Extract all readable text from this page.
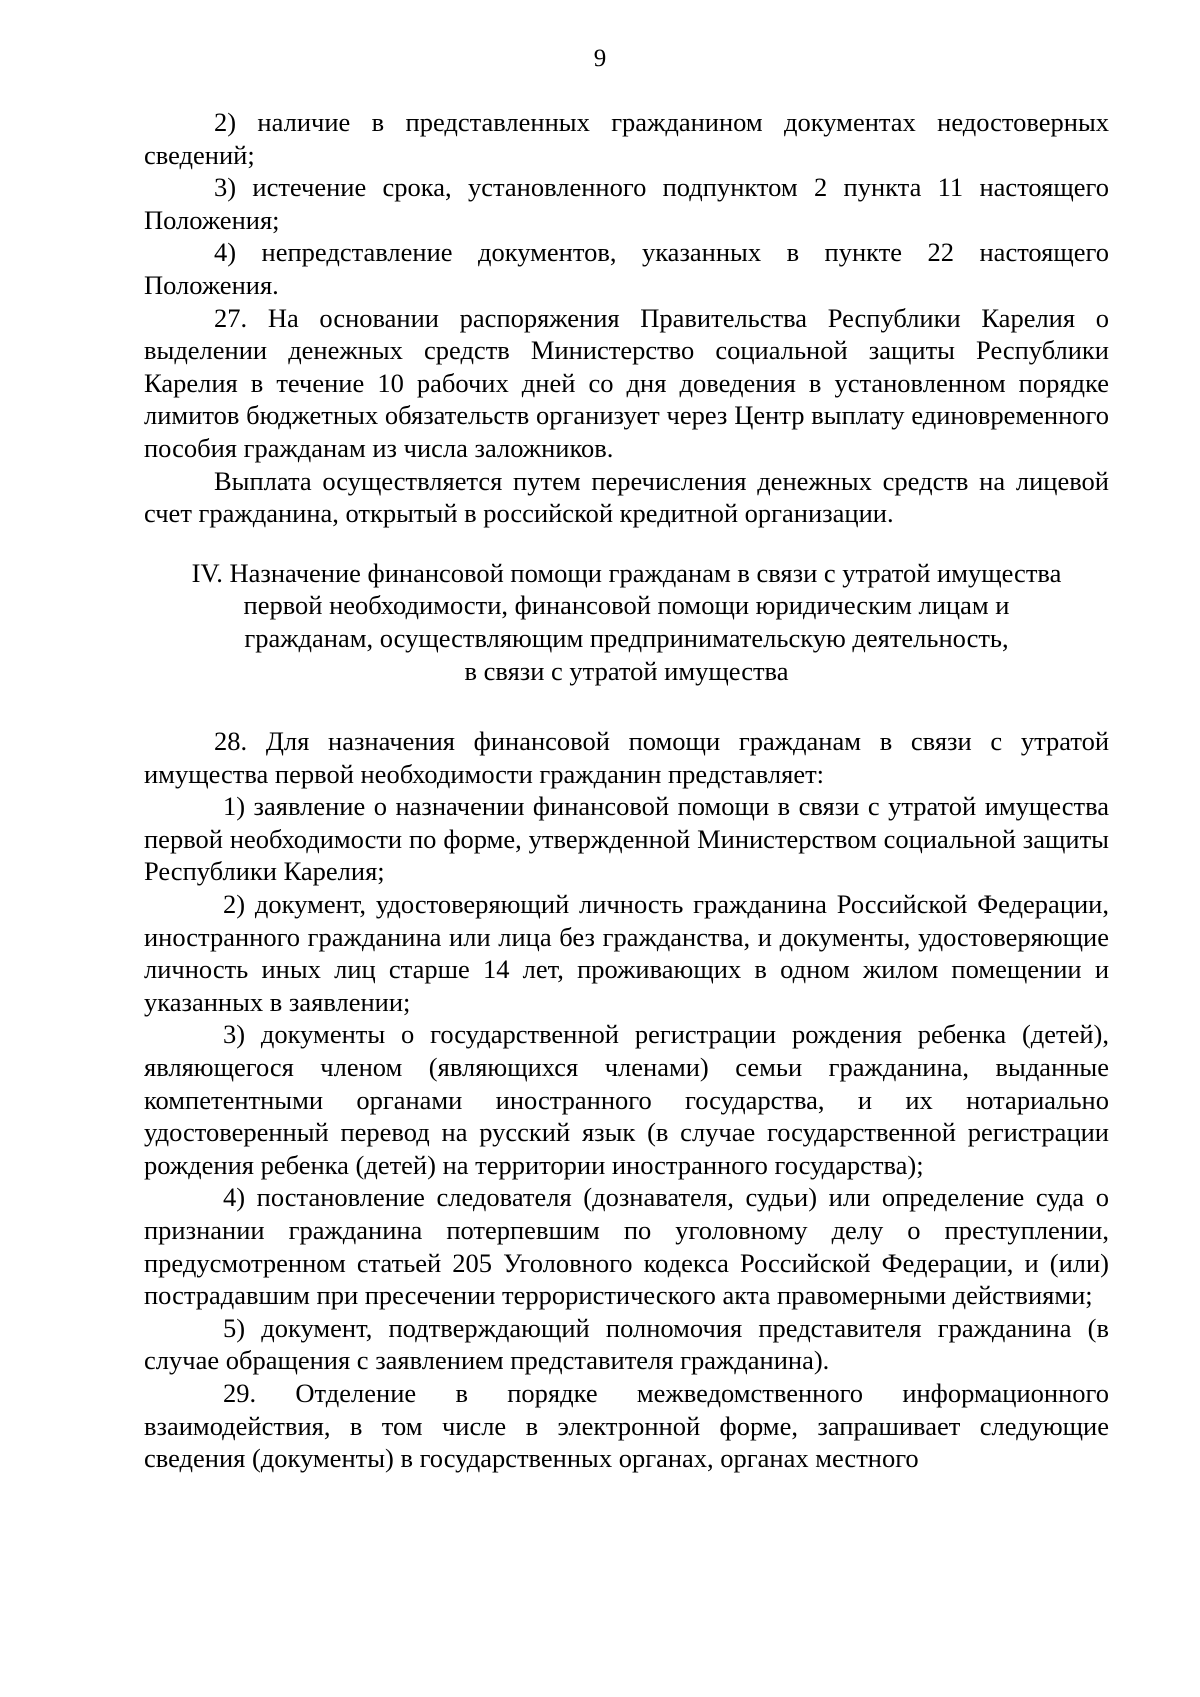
9

2) наличие в представленных гражданином документах недостоверных сведений;

3) истечение срока, установленного подпунктом 2 пункта 11 настоящего Положения;

4) непредставление документов, указанных в пункте 22 настоящего Положения.

27. На основании распоряжения Правительства Республики Карелия о выделении денежных средств Министерство социальной защиты Республики Карелия в течение 10 рабочих дней со дня доведения в установленном порядке лимитов бюджетных обязательств организует через Центр выплату единовременного пособия гражданам из числа заложников.

Выплата осуществляется путем перечисления денежных средств на лицевой счет гражданина, открытый в российской кредитной организации.

IV. Назначение финансовой помощи гражданам в связи с утратой имущества
первой необходимости, финансовой помощи юридическим лицам и
гражданам, осуществляющим предпринимательскую деятельность,
в связи с утратой имущества

28. Для назначения финансовой помощи гражданам в связи с утратой имущества первой необходимости гражданин представляет:

1) заявление о назначении финансовой помощи в связи с утратой имущества первой необходимости по форме, утвержденной Министерством социальной защиты Республики Карелия;

2) документ, удостоверяющий личность гражданина Российской Федерации, иностранного гражданина или лица без гражданства, и документы, удостоверяющие личность иных лиц старше 14 лет, проживающих в одном жилом помещении и указанных в заявлении;

3) документы о государственной регистрации рождения ребенка (детей), являющегося членом (являющихся членами) семьи гражданина, выданные компетентными органами иностранного государства, и их нотариально удостоверенный перевод на русский язык (в случае государственной регистрации рождения ребенка (детей) на территории иностранного государства);

4) постановление следователя (дознавателя, судьи) или определение суда о признании гражданина потерпевшим по уголовному делу о преступлении, предусмотренном статьей 205 Уголовного кодекса Российской Федерации, и (или) пострадавшим при пресечении террористического акта правомерными действиями;

5) документ, подтверждающий полномочия представителя гражданина (в случае обращения с заявлением представителя гражданина).

29. Отделение в порядке межведомственного информационного взаимодействия, в том числе в электронной форме, запрашивает следующие сведения (документы) в государственных органах, органах местного
